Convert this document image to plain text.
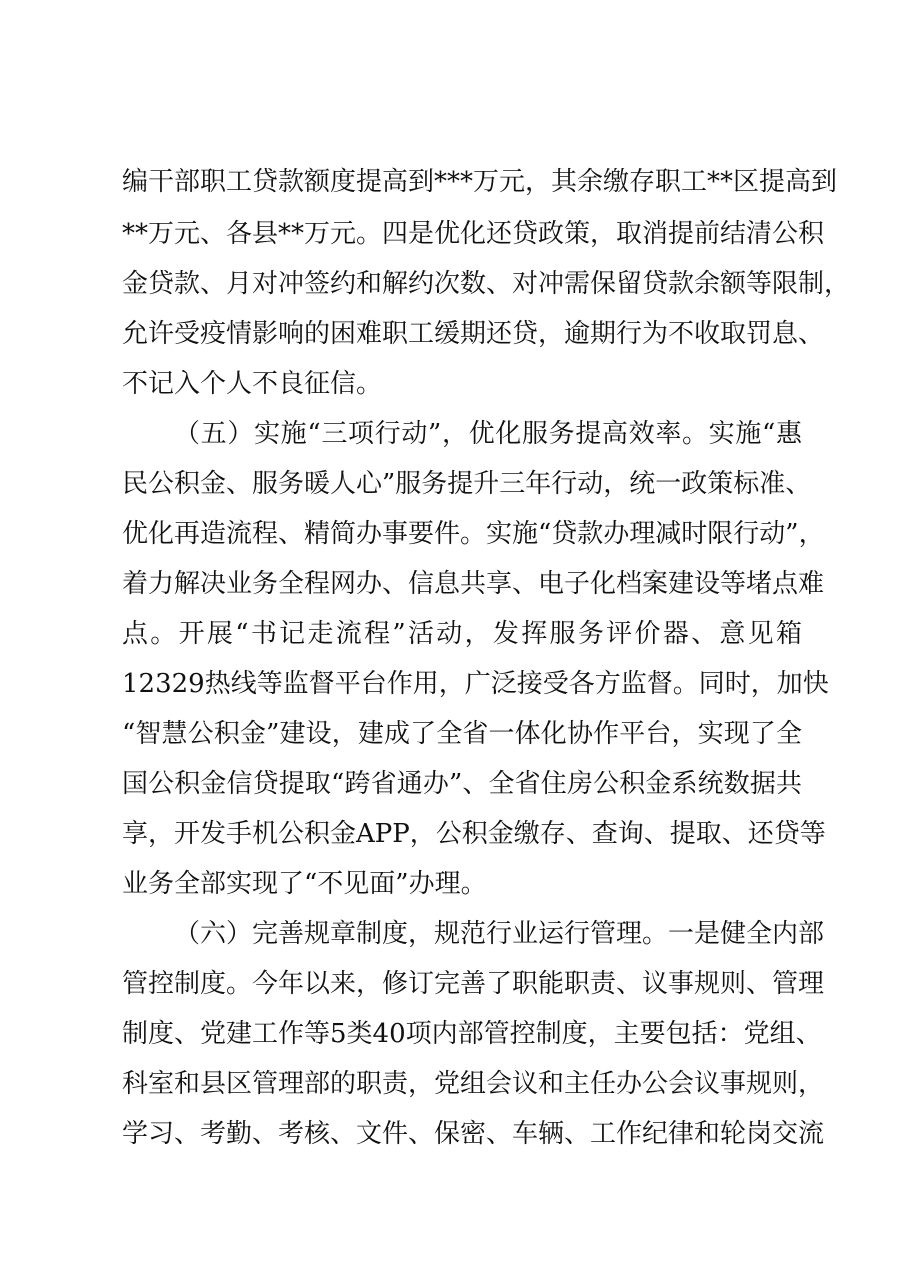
编干部职工贷款额度提高到***万元，其余缴存职工**区提高到
**万元、各县**万元。四是优化还贷政策，取消提前结清公积
金贷款、月对冲签约和解约次数、对冲需保留贷款余额等限制，
允许受疫情影响的困难职工缓期还贷，逾期行为不收取罚息、
不记入个人不良征信。
（五）实施“三项行动”，优化服务提高效率。实施“惠
民公积金、服务暖人心”服务提升三年行动，统一政策标准、
优化再造流程、精简办事要件。实施“贷款办理减时限行动”，
着力解决业务全程网办、信息共享、电子化档案建设等堵点难
点。开展“书记走流程”活动，发挥服务评价器、意见箱
12329热线等监督平台作用，广泛接受各方监督。同时，加快
“智慧公积金”建设，建成了全省一体化协作平台，实现了全
国公积金信贷提取“跨省通办”、全省住房公积金系统数据共
享，开发手机公积金APP，公积金缴存、查询、提取、还贷等
业务全部实现了“不见面”办理。
（六）完善规章制度，规范行业运行管理。一是健全内部
管控制度。今年以来，修订完善了职能职责、议事规则、管理
制度、党建工作等5类40项内部管控制度，主要包括：党组、
科室和县区管理部的职责，党组会议和主任办公会议事规则，
学习、考勤、考核、文件、保密、车辆、工作纪律和轮岗交流
